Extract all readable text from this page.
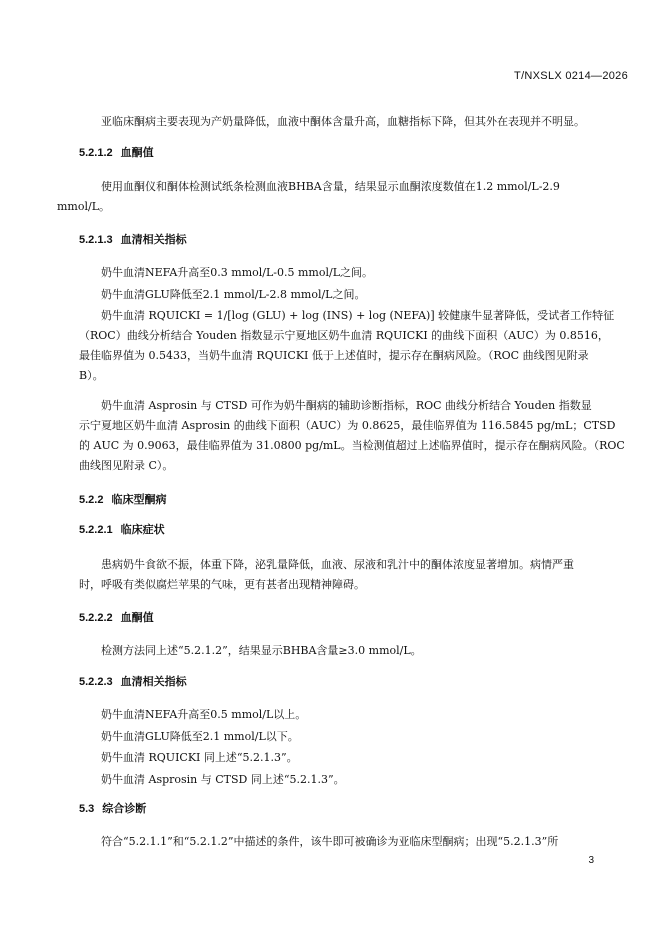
T/NXSLX 0214—2026

亚临床酮病主要表现为产奶量降低，血液中酮体含量升高，血糖指标下降，但其外在表现并不明显。

5.2.1.2 血酮值

使用血酮仪和酮体检测试纸条检测血液BHBA含量，结果显示血酮浓度数值在1.2 mmol/L-2.9
mmol/L。

5.2.1.3 血清相关指标

奶牛血清NEFA升高至0.3 mmol/L-0.5 mmol/L之间。

奶牛血清GLU降低至2.1 mmol/L-2.8 mmol/L之间。

奶牛血清 RQUICKI = 1/[log (GLU) + log (INS) + log (NEFA)] 较健康牛显著降低，受试者工作特征
（ROC）曲线分析结合 Youden 指数显示宁夏地区奶牛血清 RQUICKI 的曲线下面积（AUC）为 0.8516，
最佳临界值为 0.5433，当奶牛血清 RQUICKI 低于上述值时，提示存在酮病风险。（ROC 曲线图见附录
B）。

奶牛血清 Asprosin 与 CTSD 可作为奶牛酮病的辅助诊断指标，ROC 曲线分析结合 Youden 指数显
示宁夏地区奶牛血清 Asprosin 的曲线下面积（AUC）为 0.8625，最佳临界值为 116.5845 pg/mL；CTSD
的 AUC 为 0.9063，最佳临界值为 31.0800 pg/mL。当检测值超过上述临界值时，提示存在酮病风险。（ROC
曲线图见附录 C）。

5.2.2 临床型酮病
5.2.2.1 临床症状

患病奶牛食欲不振，体重下降，泌乳量降低，血液、尿液和乳汁中的酮体浓度显著增加。病情严重
时，呼吸有类似腐烂苹果的气味，更有甚者出现精神障碍。

5.2.2.2 血酮值

检测方法同上述“5.2.1.2”，结果显示BHBA含量≥3.0 mmol/L。

5.2.2.3 血清相关指标

奶牛血清NEFA升高至0.5 mmol/L以上。

奶牛血清GLU降低至2.1 mmol/L以下。

奶牛血清 RQUICKI 同上述“5.2.1.3”。

奶牛血清 Asprosin 与 CTSD 同上述“5.2.1.3”。

5.3 综合诊断

符合“5.2.1.1”和“5.2.1.2”中描述的条件，该牛即可被确诊为亚临床型酮病；出现“5.2.1.3”所

3
